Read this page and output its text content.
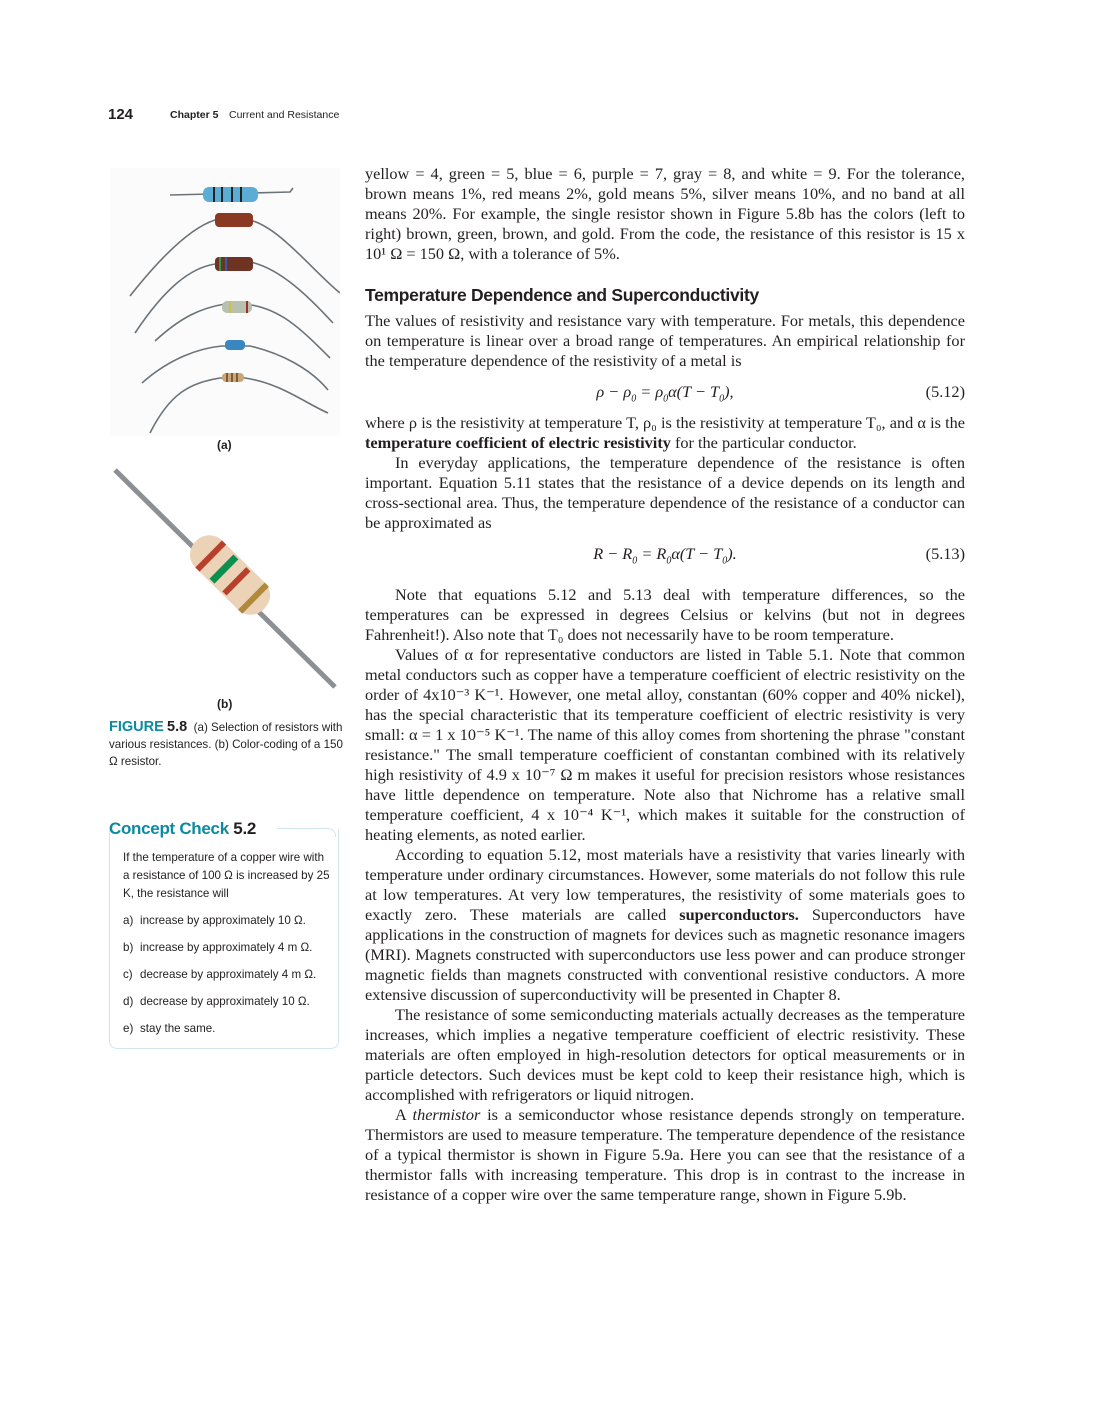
124	Chapter 5 Current and Resistance
(a)
(b)
FIGURE 5.8 (a) Selection of resistors with various resistances. (b) Color-coding of a 150 Ω resistor.
Concept Check 5.2
If the temperature of a copper wire with a resistance of 100 Ω is increased by 25 K, the resistance will
a) increase by approximately 10 Ω.
b) increase by approximately 4 m Ω.
c) decrease by approximately 4 m Ω.
d) decrease by approximately 10 Ω.
e) stay the same.

yellow = 4, green = 5, blue = 6, purple = 7, gray = 8, and white = 9. For the tolerance, brown means 1%, red means 2%, gold means 5%, silver means 10%, and no band at all means 20%. For example, the single resistor shown in Figure 5.8b has the colors (left to right) brown, green, brown, and gold. From the code, the resistance of this resistor is 15 x 10¹ Ω = 150 Ω, with a tolerance of 5%.

Temperature Dependence and Superconductivity

The values of resistivity and resistance vary with temperature. For metals, this dependence on temperature is linear over a broad range of temperatures. An empirical relationship for the temperature dependence of the resistivity of a metal is

$\rho - \rho_0 = \rho_0\alpha(T - T_0)$,	(5.12)

where ρ is the resistivity at temperature T, ρ₀ is the resistivity at temperature T₀, and α is the temperature coefficient of electric resistivity for the particular conductor.

In everyday applications, the temperature dependence of the resistance is often important. Equation 5.11 states that the resistance of a device depends on its length and cross-sectional area. Thus, the temperature dependence of the resistance of a conductor can be approximated as

$R - R_0 = R_0\alpha(T - T_0)$.	(5.13)

Note that equations 5.12 and 5.13 deal with temperature differences, so the temperatures can be expressed in degrees Celsius or kelvins (but not in degrees Fahrenheit!). Also note that T₀ does not necessarily have to be room temperature.

Values of α for representative conductors are listed in Table 5.1. Note that common metal conductors such as copper have a temperature coefficient of electric resistivity on the order of 4x10⁻³ K⁻¹. However, one metal alloy, constantan (60% copper and 40% nickel), has the special characteristic that its temperature coefficient of electric resistivity is very small: α = 1 x 10⁻⁵ K⁻¹. The name of this alloy comes from shortening the phrase "constant resistance." The small temperature coefficient of constantan combined with its relatively high resistivity of 4.9 x 10⁻⁷ Ω m makes it useful for precision resistors whose resistances have little dependence on temperature. Note also that Nichrome has a relative small temperature coefficient, 4 x 10⁻⁴ K⁻¹, which makes it suitable for the construction of heating elements, as noted earlier.

According to equation 5.12, most materials have a resistivity that varies linearly with temperature under ordinary circumstances. However, some materials do not follow this rule at low temperatures. At very low temperatures, the resistivity of some materials goes to exactly zero. These materials are called superconductors. Superconductors have applications in the construction of magnets for devices such as magnetic resonance imagers (MRI). Magnets constructed with superconductors use less power and can produce stronger magnetic fields than magnets constructed with conventional resistive conductors. A more extensive discussion of superconductivity will be presented in Chapter 8.

The resistance of some semiconducting materials actually decreases as the temperature increases, which implies a negative temperature coefficient of electric resistivity. These materials are often employed in high-resolution detectors for optical measurements or in particle detectors. Such devices must be kept cold to keep their resistance high, which is accomplished with refrigerators or liquid nitrogen.

A thermistor is a semiconductor whose resistance depends strongly on temperature. Thermistors are used to measure temperature. The temperature dependence of the resistance of a typical thermistor is shown in Figure 5.9a. Here you can see that the resistance of a thermistor falls with increasing temperature. This drop is in contrast to the increase in resistance of a copper wire over the same temperature range, shown in Figure 5.9b.
